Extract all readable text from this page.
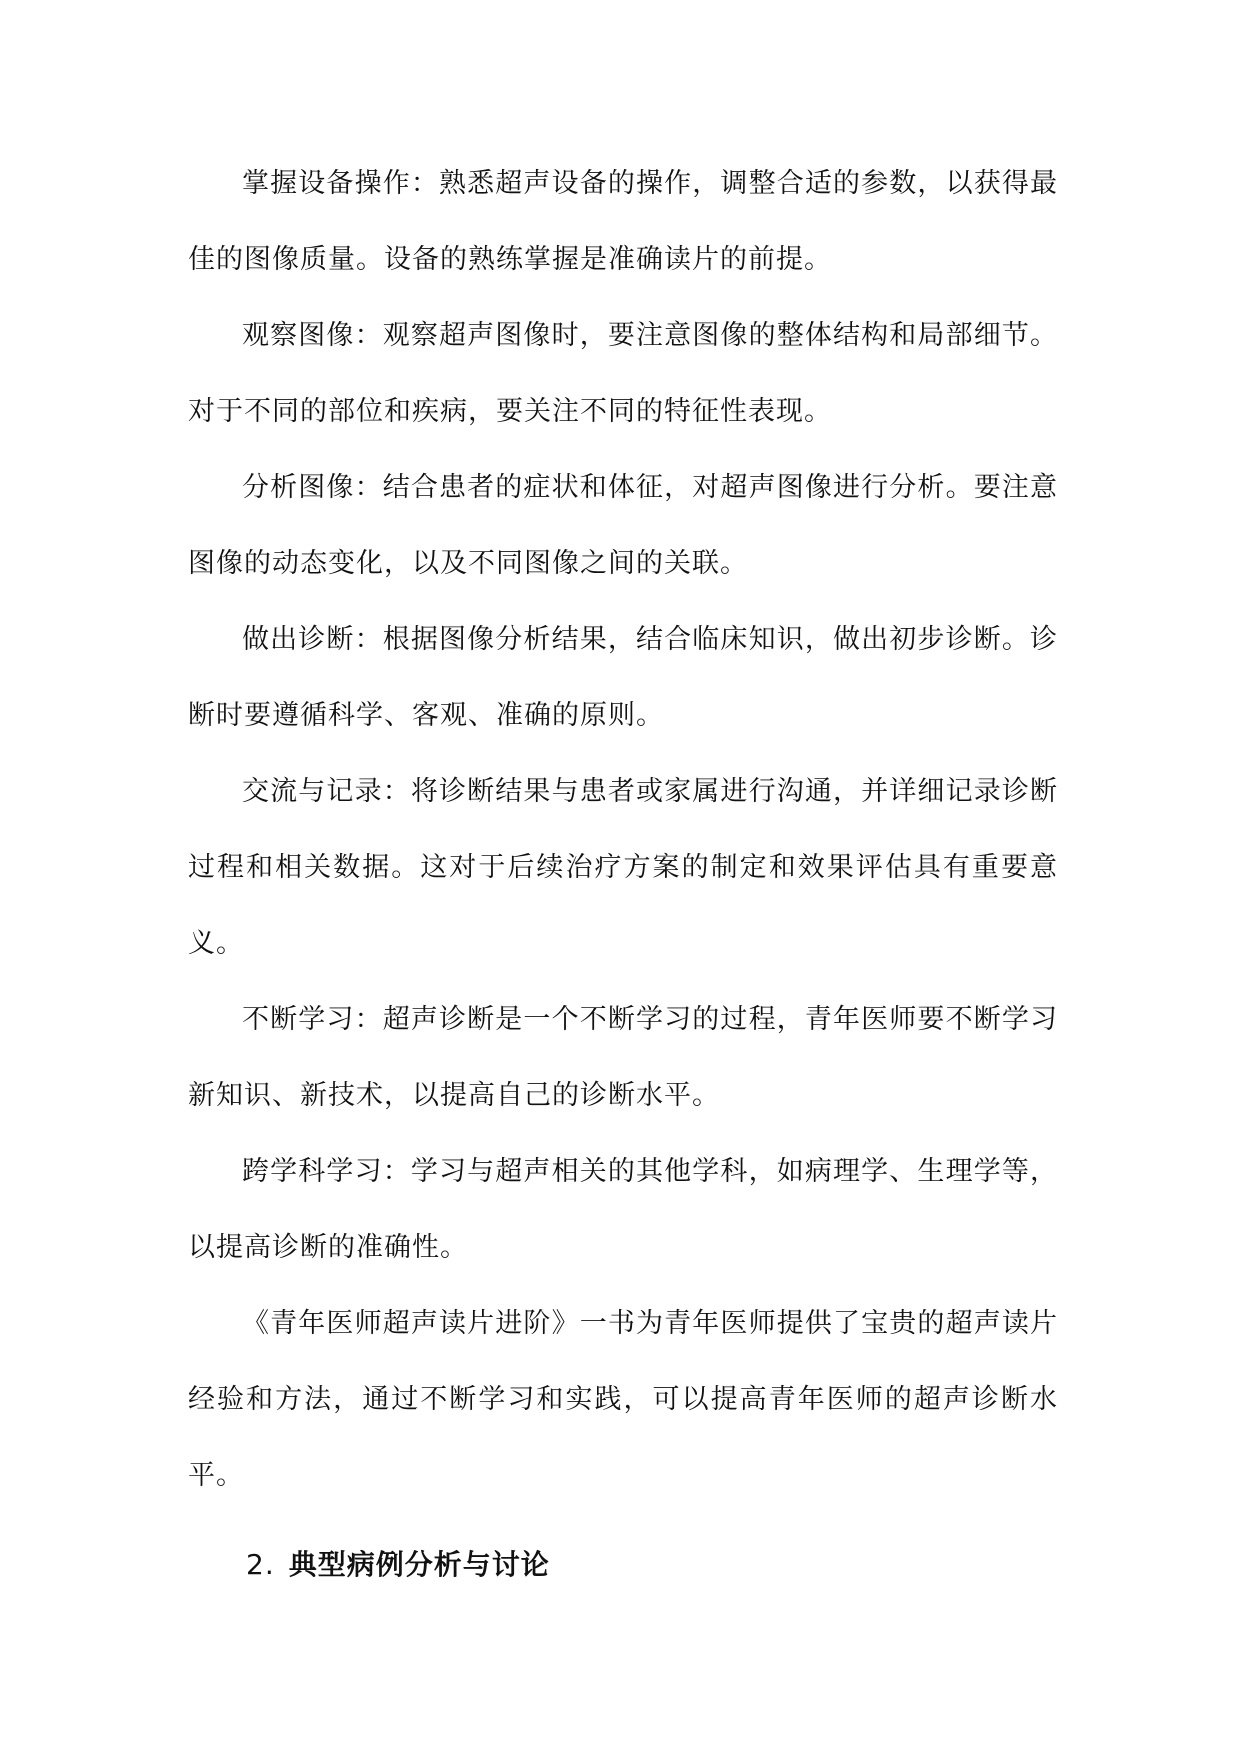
掌握设备操作：熟悉超声设备的操作，调整合适的参数，以获得最佳的图像质量。设备的熟练掌握是准确读片的前提。

观察图像：观察超声图像时，要注意图像的整体结构和局部细节。对于不同的部位和疾病，要关注不同的特征性表现。

分析图像：结合患者的症状和体征，对超声图像进行分析。要注意图像的动态变化，以及不同图像之间的关联。

做出诊断：根据图像分析结果，结合临床知识，做出初步诊断。诊断时要遵循科学、客观、准确的原则。

交流与记录：将诊断结果与患者或家属进行沟通，并详细记录诊断过程和相关数据。这对于后续治疗方案的制定和效果评估具有重要意义。

不断学习：超声诊断是一个不断学习的过程，青年医师要不断学习新知识、新技术，以提高自己的诊断水平。

跨学科学习：学习与超声相关的其他学科，如病理学、生理学等，以提高诊断的准确性。

《青年医师超声读片进阶》一书为青年医师提供了宝贵的超声读片经验和方法，通过不断学习和实践，可以提高青年医师的超声诊断水平。

2. 典型病例分析与讨论
